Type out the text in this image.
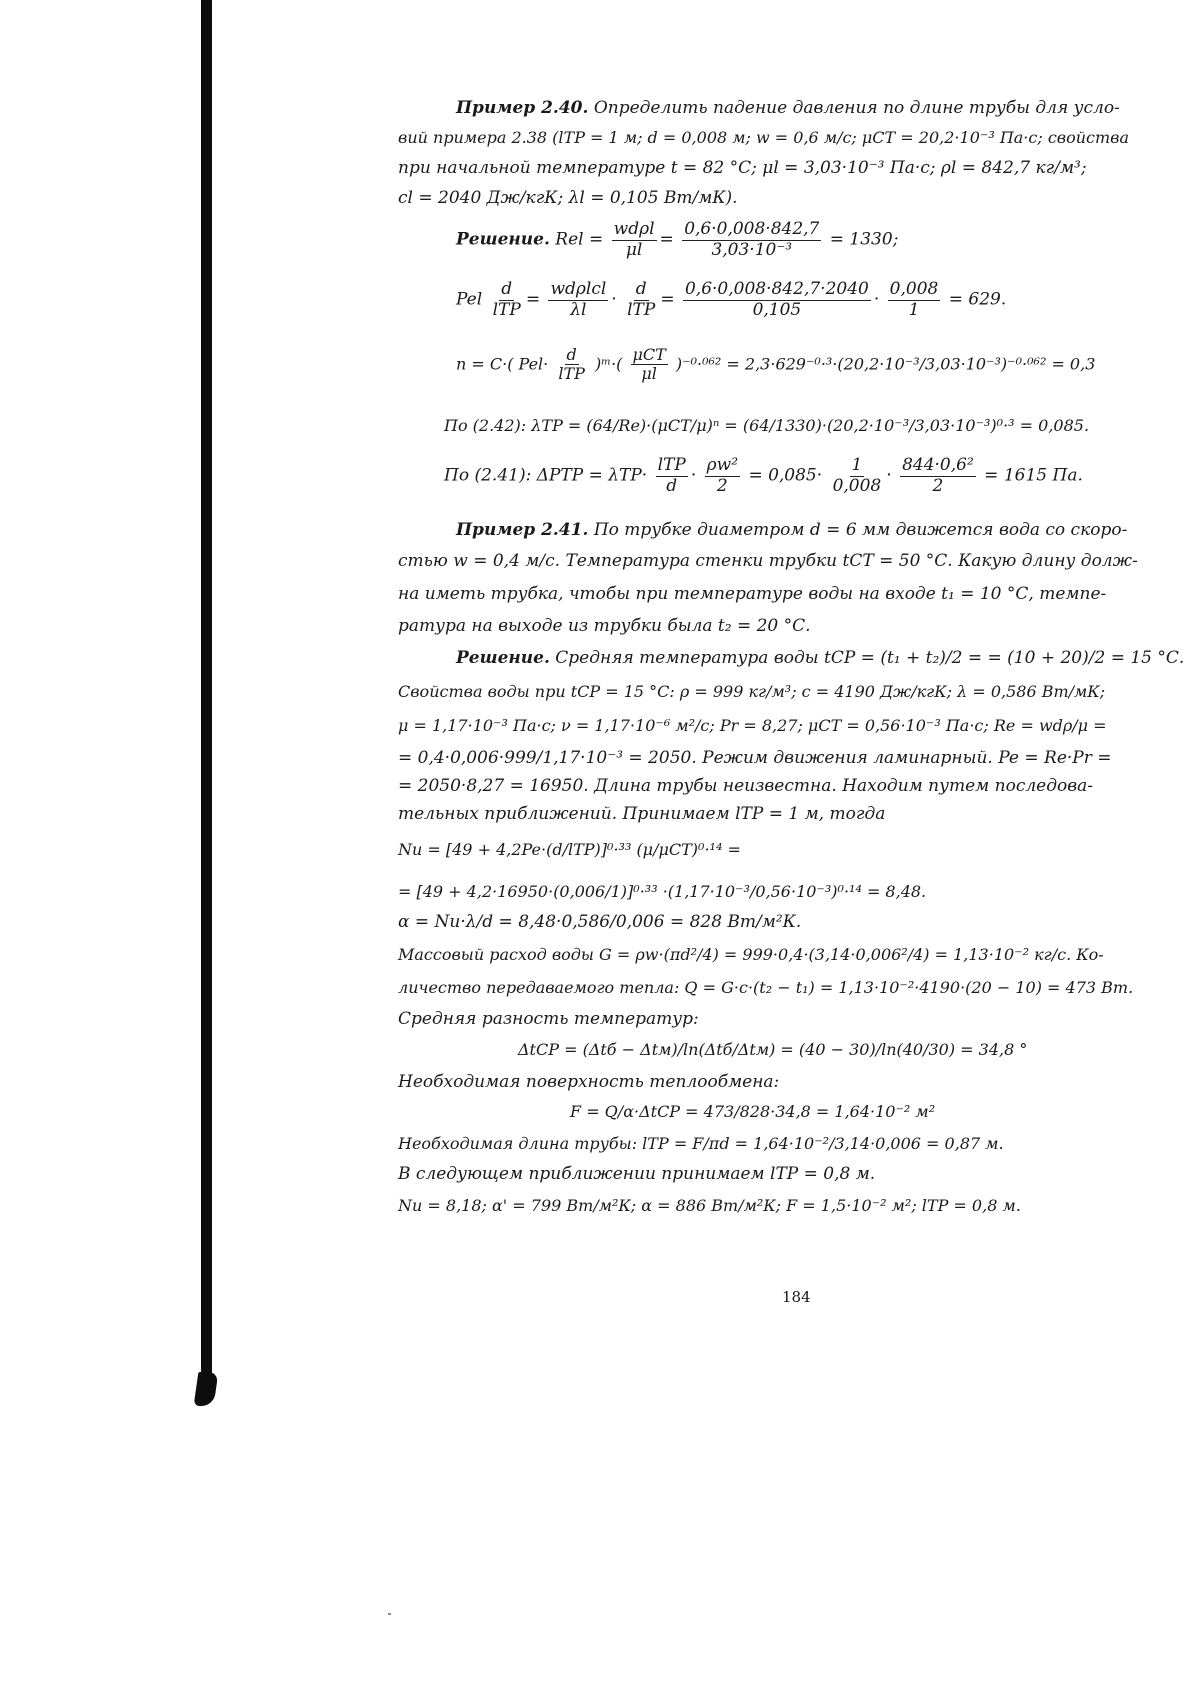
Пример 2.40. Определить падение давления по длине трубы для усло-
вий примера 2.38 (lТР = 1 м; d = 0,008 м; w = 0,6 м/с; μСТ = 20,2·10⁻³ Па·с; свойства
при начальной температуре t = 82 °С; μl = 3,03·10⁻³ Па·с; ρl = 842,7 кг/м³;
cl = 2040 Дж/кгК; λl = 0,105 Вт/мК).
Решение. Rel = $\frac{\text{wdρl}}{\mu l} = \frac{0,6\cdot 0,008\cdot 842,7}{\text{3,03·10⁻³}} = 1330$;
Pel $\frac{d}{\text{lТР}} = \frac{\text{wdρlcl}}{\lambda l} \cdot \frac{d}{\text{lТР}} = \frac{0,6\cdot 0,008\cdot 842,7\cdot 2040}{0,105} \cdot \frac{0,008}{1} = 629$.
n = C·( $Pel\cdot \frac{d}{\text{lТР}}$ )ᵐ·( $\frac{\text{μСТ}}{\mu l} )^{-0}\cdot^{062} = 2,3\cdot 629^{-0}\cdot^3\cdot(20,2\cdot 10^{-3}/3,03\cdot 10^{-3})^{-0}\cdot^{062} = 0,3$
По (2.42): λТР = (64/Re)·(μСТ/μ)ⁿ = (64/1330)·(20,2·10⁻³/3,03·10⁻³)⁰·³ = 0,085.
По (2.41): $\Delta PТР = \lambda ТР\cdot \frac{\text{lТР}}{d} \cdot \frac{\text{ρw²}}{2} = 0,085\cdot \frac{1}{0,008} \cdot \frac{\text{844·0,6²}}{2} = 1615$ Па.
Пример 2.41. По трубке диаметром d = 6 мм движется вода со скоро-
стью w = 0,4 м/с. Температура стенки трубки tСТ = 50 °С. Какую длину долж-
на иметь трубка, чтобы при температуре воды на входе t₁ = 10 °С, темпе-
ратура на выходе из трубки была t₂ = 20 °С.
Решение. Средняя температура воды tСР = (t₁ + t₂)/2 = = (10 + 20)/2 = 15 °С.
Свойства воды при tСР = 15 °С: ρ = 999 кг/м³; c = 4190 Дж/кгК; λ = 0,586 Вт/мК;
μ = 1,17·10⁻³ Па·с; ν = 1,17·10⁻⁶ м²/с; Pr = 8,27; μСТ = 0,56·10⁻³ Па·с; Re = wdρ/μ =
= 0,4·0,006·999/1,17·10⁻³ = 2050. Режим движения ламинарный. Pe = Re·Pr =
= 2050·8,27 = 16950. Длина трубы неизвестна. Находим путем последова-
тельных приближений. Принимаем lТР = 1 м, тогда
Nu = [49 + 4,2Pe·(d/lТР)]⁰·³³ (μ/μСТ)⁰·¹⁴ =
= [49 + 4,2·16950·(0,006/1)]⁰·³³ ·(1,17·10⁻³/0,56·10⁻³)⁰·¹⁴ = 8,48.
α = Nu·λ/d = 8,48·0,586/0,006 = 828 Вт/м²К.
Массовый расход воды G = ρw·(πd²/4) = 999·0,4·(3,14·0,006²/4) = 1,13·10⁻² кг/с. Ко-
личество передаваемого тепла: Q = G·c·(t₂ − t₁) = 1,13·10⁻²·4190·(20 − 10) = 473 Вт.
Средняя разность температур:
ΔtСР = (Δtб − Δtм)/ln(Δtб/Δtм) = (40 − 30)/ln(40/30) = 34,8 °
Необходимая поверхность теплообмена:
F = Q/α·ΔtСР = 473/828·34,8 = 1,64·10⁻² м²
Необходимая длина трубы: lТР = F/πd = 1,64·10⁻²/3,14·0,006 = 0,87 м.
В следующем приближении принимаем lТР = 0,8 м.
Nu = 8,18; α' = 799 Вт/м²К; α = 886 Вт/м²К; F = 1,5·10⁻² м²; lТР = 0,8 м.
184
